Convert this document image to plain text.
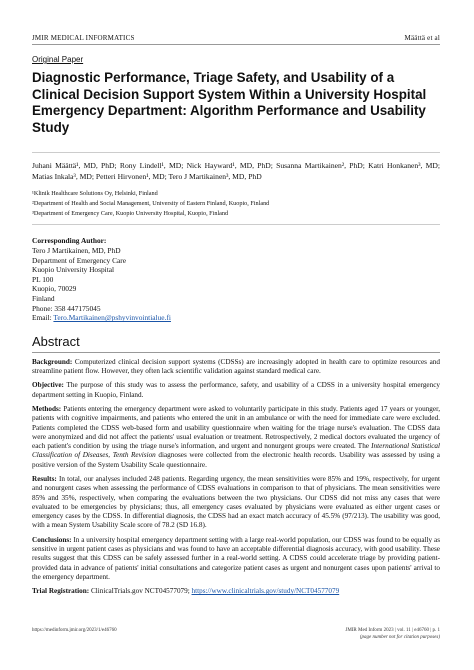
JMIR MEDICAL INFORMATICS	Määttä et al
Original Paper
Diagnostic Performance, Triage Safety, and Usability of a Clinical Decision Support System Within a University Hospital Emergency Department: Algorithm Performance and Usability Study
Juhani Määttä¹, MD, PhD; Rony Lindell¹, MD; Nick Hayward¹, MD, PhD; Susanna Martikainen², PhD; Katri Honkanen³, MD; Matias Inkala³, MD; Petteri Hirvonen¹, MD; Tero J Martikainen³, MD, PhD
¹Klinik Healthcare Solutions Oy, Helsinki, Finland
²Department of Health and Social Management, University of Eastern Finland, Kuopio, Finland
³Department of Emergency Care, Kuopio University Hospital, Kuopio, Finland
Corresponding Author:
Tero J Martikainen, MD, PhD
Department of Emergency Care
Kuopio University Hospital
PL 100
Kuopio, 70029
Finland
Phone: 358 447175045
Email: Tero.Martikainen@pshyvinvointialue.fi
Abstract
Background: Computerized clinical decision support systems (CDSSs) are increasingly adopted in health care to optimize resources and streamline patient flow. However, they often lack scientific validation against standard medical care.
Objective: The purpose of this study was to assess the performance, safety, and usability of a CDSS in a university hospital emergency department setting in Kuopio, Finland.
Methods: Patients entering the emergency department were asked to voluntarily participate in this study. Patients aged 17 years or younger, patients with cognitive impairments, and patients who entered the unit in an ambulance or with the need for immediate care were excluded. Patients completed the CDSS web-based form and usability questionnaire when waiting for the triage nurse's evaluation. The CDSS data were anonymized and did not affect the patients' usual evaluation or treatment. Retrospectively, 2 medical doctors evaluated the urgency of each patient's condition by using the triage nurse's information, and urgent and nonurgent groups were created. The International Statistical Classification of Diseases, Tenth Revision diagnoses were collected from the electronic health records. Usability was assessed by using a positive version of the System Usability Scale questionnaire.
Results: In total, our analyses included 248 patients. Regarding urgency, the mean sensitivities were 85% and 19%, respectively, for urgent and nonurgent cases when assessing the performance of CDSS evaluations in comparison to that of physicians. The mean sensitivities were 85% and 35%, respectively, when comparing the evaluations between the two physicians. Our CDSS did not miss any cases that were evaluated to be emergencies by physicians; thus, all emergency cases evaluated by physicians were evaluated as either urgent cases or emergency cases by the CDSS. In differential diagnosis, the CDSS had an exact match accuracy of 45.5% (97/213). The usability was good, with a mean System Usability Scale score of 78.2 (SD 16.8).
Conclusions: In a university hospital emergency department setting with a large real-world population, our CDSS was found to be equally as sensitive in urgent patient cases as physicians and was found to have an acceptable differential diagnosis accuracy, with good usability. These results suggest that this CDSS can be safely assessed further in a real-world setting. A CDSS could accelerate triage by providing patient-provided data in advance of patients' initial consultations and categorize patient cases as urgent and nonurgent cases upon patients' arrival to the emergency department.
Trial Registration: ClinicalTrials.gov NCT04577079; https://www.clinicaltrials.gov/study/NCT04577079
https://medinform.jmir.org/2023/1/e46760	JMIR Med Inform 2023 | vol. 11 | e46760 | p. 1
(page number not for citation purposes)
